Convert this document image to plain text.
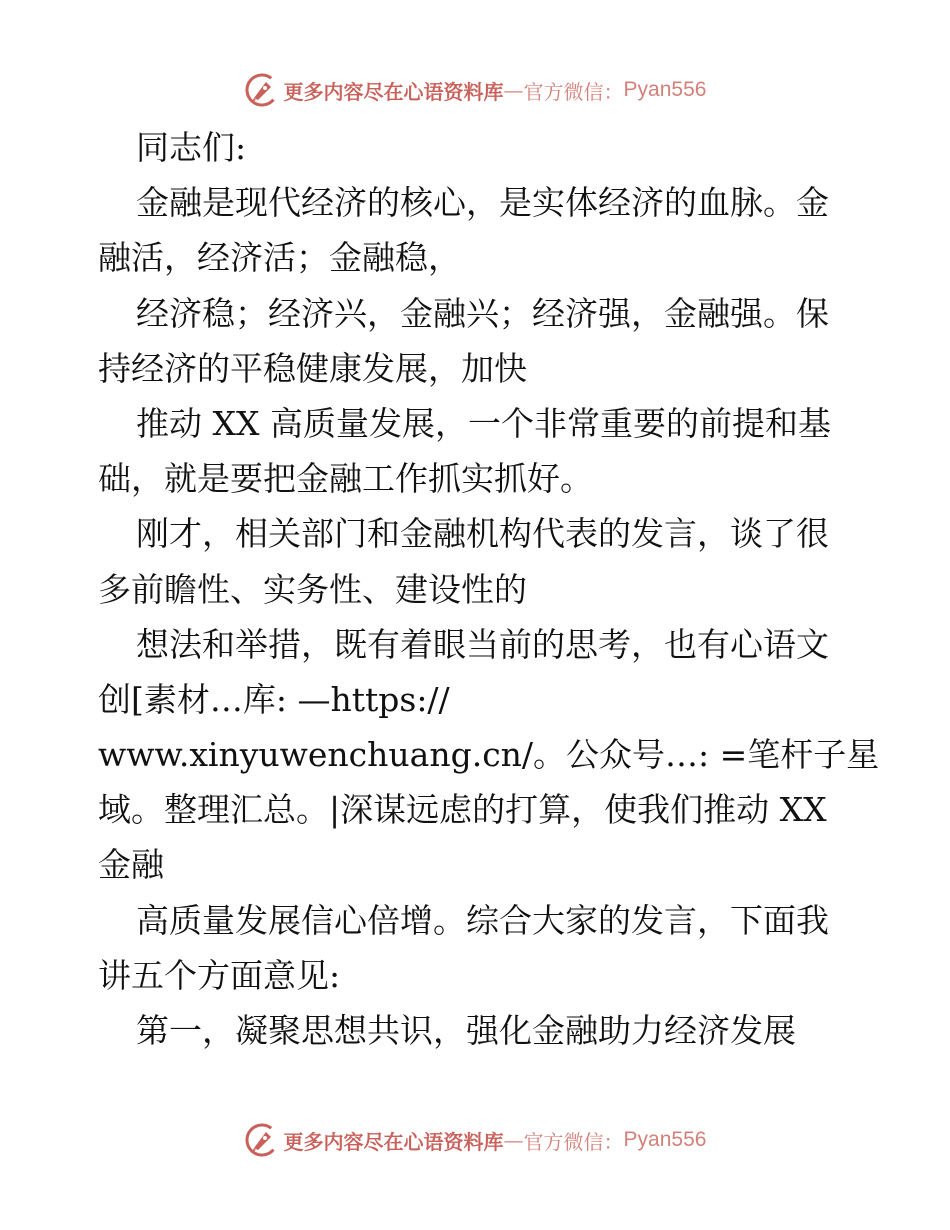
更多内容尽在心语资料库 — 官方微信： Pyan556
同志们:
金融是现代经济的核心，是实体经济的血脉。金
融活，经济活；金融稳，
经济稳；经济兴，金融兴；经济强，金融强。保
持经济的平稳健康发展，加快
推动 XX 高质量发展，一个非常重要的前提和基
础，就是要把金融工作抓实抓好。
刚才，相关部门和金融机构代表的发言，谈了很
多前瞻性、实务性、建设性的
想法和举措，既有着眼当前的思考，也有心语文
创[素材…库: —https://
www.xinyuwenchuang.cn/。公众号…: =笔杆子星
域。整理汇总。|深谋远虑的打算，使我们推动 XX
金融
高质量发展信心倍增。综合大家的发言，下面我
讲五个方面意见:
第一，凝聚思想共识，强化金融助力经济发展
更多内容尽在心语资料库 — 官方微信： Pyan556
